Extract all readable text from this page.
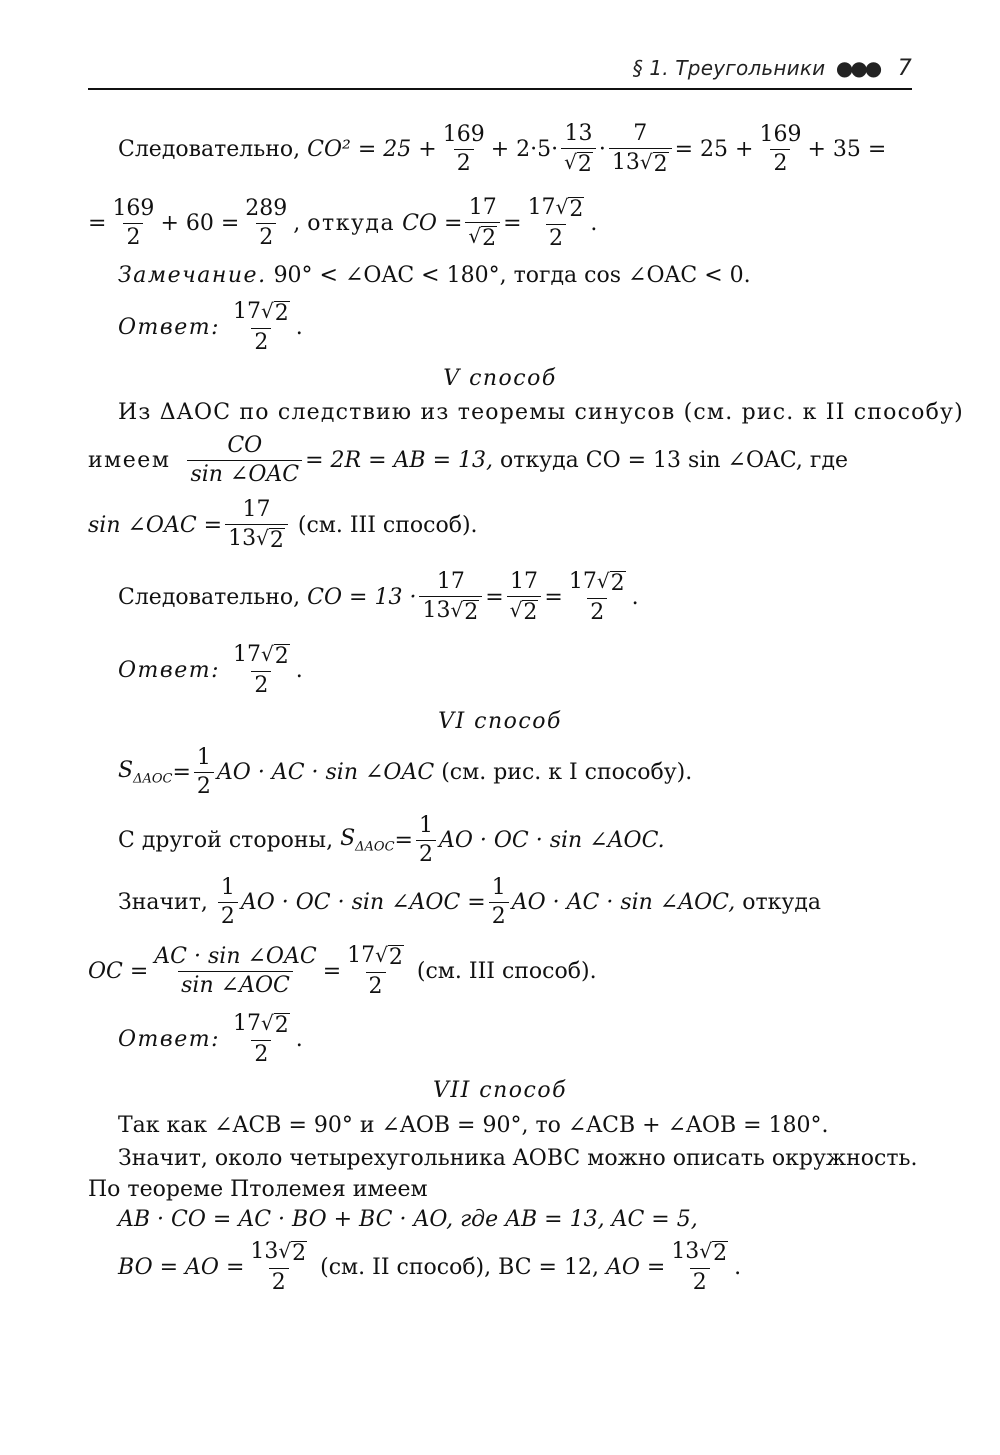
§ 1. Треугольники ●●● 7
Следовательно,
$CO^2 = 25 + \frac{169}{2} + 2\cdot 5\cdot \frac{13}{√ 2} \cdot \frac{7}{13 √ 2} = 25 + \frac{169}{2} + 35$ =
= $\frac{169}{2} + 60 = \frac{289}{2}$ ,
откуда
CO = $\frac{17}{√ 2} = \frac{17 √ 2}{2}$ .
Замечание.
90° < ∠OAC < 180°, тогда cos ∠OAC < 0.
Ответ:
$\frac{17 √ 2}{2}$ .
V способ
Из ΔAOC по следствию из теоремы синусов (см. рис. к II способу)
имеем
$\frac{CO}{\text{sin ∠OAC}} = 2R$ = AB = 13,
откуда CO = 13 sin ∠OAC, где
sin ∠OAC = $\frac{17}{13 √ 2}$
(см. III способ).
Следовательно,
CO = $13 \cdot \frac{17}{13 √ 2} = \frac{17}{√ 2} = \frac{17 √ 2}{2}$ .
Ответ:
$\frac{17 √ 2}{2}$ .
VI способ
$S_{\Delta AOC} = \frac{1}{2}$ AO · AC · sin ∠OAC
(см. рис. к I способу).
С другой стороны,
$S_{\Delta AOC} = \frac{1}{2}$ AO · OC · sin ∠AOC.
Значит,
$\frac{1}{2}$ AO · OC · sin ∠AOC = $\frac{1}{2}$ AO · AC · sin ∠AOC,
откуда
OC = $\frac{\text{AC · sin ∠OAC}}{\text{sin ∠AOC}} = \frac{17 √ 2}{2}$
(см. III способ).
Ответ:
$\frac{17 √ 2}{2}$ .
VII способ
Так как ∠ACB = 90° и ∠AOB = 90°, то ∠ACB + ∠AOB = 180°.
Значит, около четырехугольника AOBC можно описать окружность.
По теореме Птолемея имеем
AB · CO = AC · BO + BC · AO, где AB = 13, AC = 5,
BO = AO = $\frac{13 √ 2}{2}$
(см. II способ), BC = 12,
AO = $\frac{13 √ 2}{2}$ .
